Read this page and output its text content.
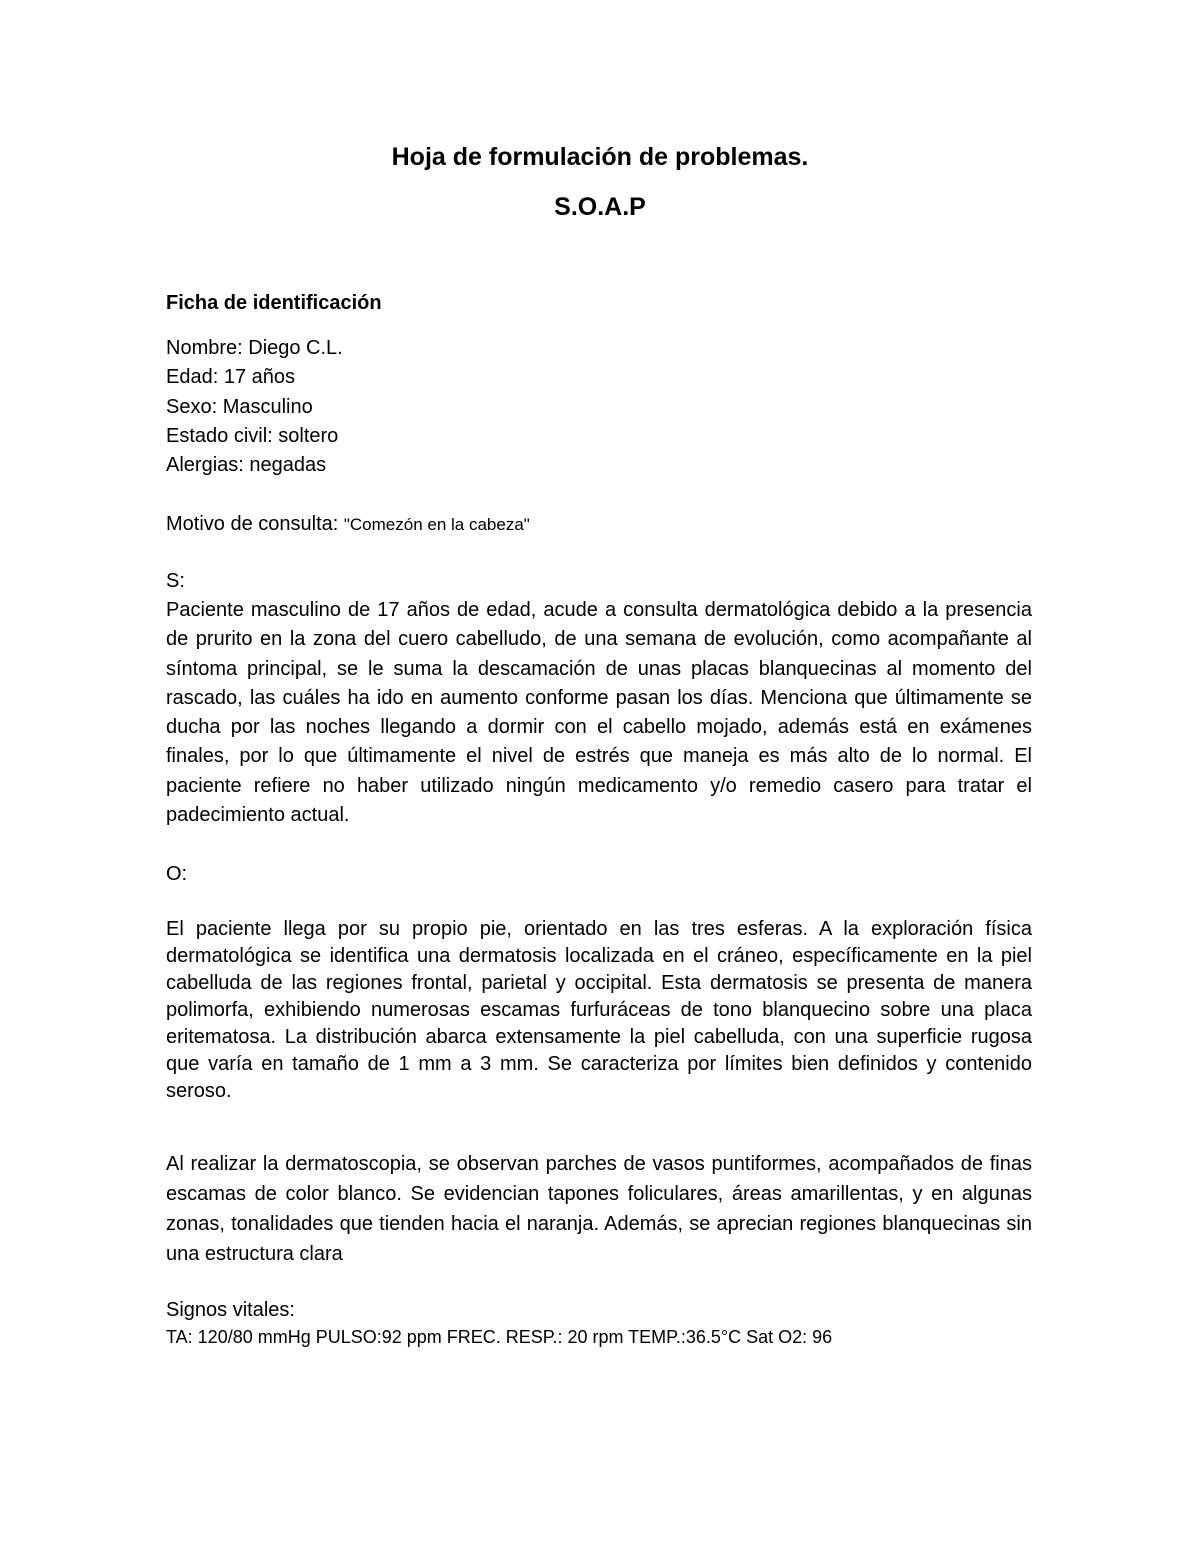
Hoja de formulación de problemas.
S.O.A.P
Ficha de identificación
Nombre: Diego C.L.
Edad: 17 años
Sexo: Masculino
Estado civil: soltero
Alergias: negadas

Motivo de consulta: "Comezón en la cabeza"

S:

Paciente masculino de 17 años de edad, acude a consulta dermatológica debido a la presencia de prurito en la zona del cuero cabelludo, de una semana de evolución, como acompañante al síntoma principal, se le suma la descamación de unas placas blanquecinas al momento del rascado, las cuáles ha ido en aumento conforme pasan los días. Menciona que últimamente se ducha por las noches llegando a dormir con el cabello mojado, además está en exámenes finales, por lo que últimamente el nivel de estrés que maneja es más alto de lo normal. El paciente refiere no haber utilizado ningún medicamento y/o remedio casero para tratar el padecimiento actual.

O:

El paciente llega por su propio pie, orientado en las tres esferas. A la exploración física dermatológica se identifica una dermatosis localizada en el cráneo, específicamente en la piel cabelluda de las regiones frontal, parietal y occipital. Esta dermatosis se presenta de manera polimorfa, exhibiendo numerosas escamas furfuráceas de tono blanquecino sobre una placa eritematosa. La distribución abarca extensamente la piel cabelluda, con una superficie rugosa que varía en tamaño de 1 mm a 3 mm. Se caracteriza por límites bien definidos y contenido seroso.

Al realizar la dermatoscopia, se observan parches de vasos puntiformes, acompañados de finas escamas de color blanco. Se evidencian tapones foliculares, áreas amarillentas, y en algunas zonas, tonalidades que tienden hacia el naranja. Además, se aprecian regiones blanquecinas sin una estructura clara

Signos vitales:

TA: 120/80 mmHg PULSO:92 ppm FREC. RESP.: 20 rpm TEMP.:36.5°C Sat O2: 96
